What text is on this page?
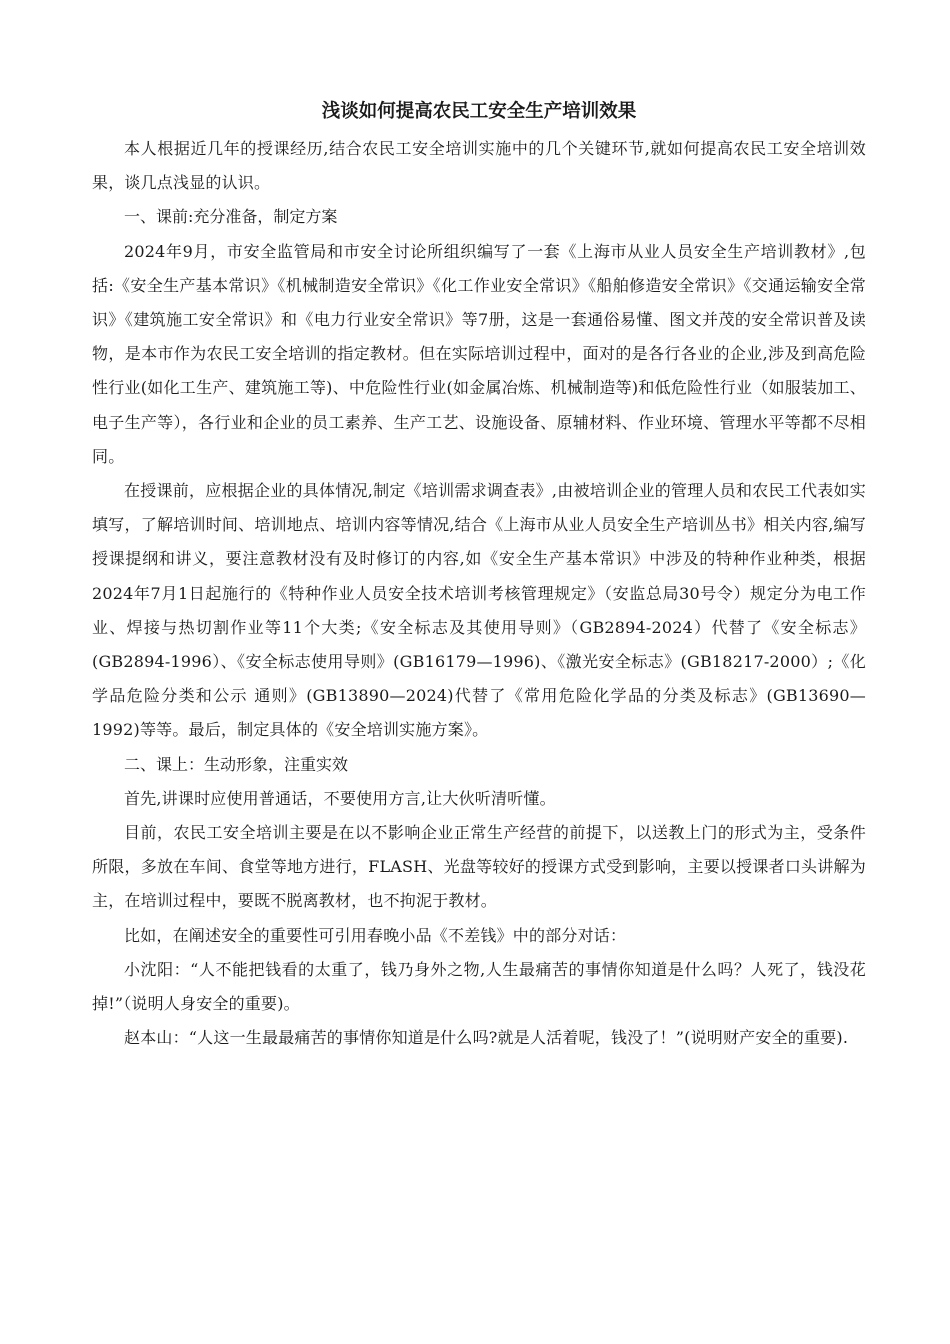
浅谈如何提高农民工安全生产培训效果

本人根据近几年的授课经历,结合农民工安全培训实施中的几个关键环节,就如何提高农民工安全培训效果，谈几点浅显的认识。

一、课前:充分准备，制定方案

2024年9月，市安全监管局和市安全讨论所组织编写了一套《上海市从业人员安全生产培训教材》,包括:《安全生产基本常识》《机械制造安全常识》《化工作业安全常识》《船舶修造安全常识》《交通运输安全常识》《建筑施工安全常识》和《电力行业安全常识》等7册，这是一套通俗易懂、图文并茂的安全常识普及读物，是本市作为农民工安全培训的指定教材。但在实际培训过程中，面对的是各行各业的企业,涉及到高危险性行业(如化工生产、建筑施工等)、中危险性行业(如金属冶炼、机械制造等)和低危险性行业（如服装加工、电子生产等），各行业和企业的员工素养、生产工艺、设施设备、原辅材料、作业环境、管理水平等都不尽相同。

在授课前，应根据企业的具体情况,制定《培训需求调查表》,由被培训企业的管理人员和农民工代表如实填写，了解培训时间、培训地点、培训内容等情况,结合《上海市从业人员安全生产培训丛书》相关内容,编写授课提纲和讲义，要注意教材没有及时修订的内容,如《安全生产基本常识》中涉及的特种作业种类，根据2024年7月1日起施行的《特种作业人员安全技术培训考核管理规定》（安监总局30号令）规定分为电工作业、焊接与热切割作业等11个大类;《安全标志及其使用导则》（GB2894-2024）代替了《安全标志》(GB2894-1996）、《安全标志使用导则》(GB16179—1996)、《激光安全标志》(GB18217-2000）;《化学品危险分类和公示 通则》(GB13890—2024)代替了《常用危险化学品的分类及标志》(GB13690—1992)等等。最后，制定具体的《安全培训实施方案》。

二、课上：生动形象，注重实效

首先,讲课时应使用普通话，不要使用方言,让大伙听清听懂。

目前，农民工安全培训主要是在以不影响企业正常生产经营的前提下，以送教上门的形式为主，受条件所限，多放在车间、食堂等地方进行，FLASH、光盘等较好的授课方式受到影响，主要以授课者口头讲解为主，在培训过程中，要既不脱离教材，也不拘泥于教材。

比如，在阐述安全的重要性可引用春晚小品《不差钱》中的部分对话：

小沈阳：“人不能把钱看的太重了，钱乃身外之物,人生最痛苦的事情你知道是什么吗？人死了，钱没花掉!”（说明人身安全的重要)。

赵本山：“人这一生最最痛苦的事情你知道是什么吗?就是人活着呢，钱没了！”(说明财产安全的重要).
